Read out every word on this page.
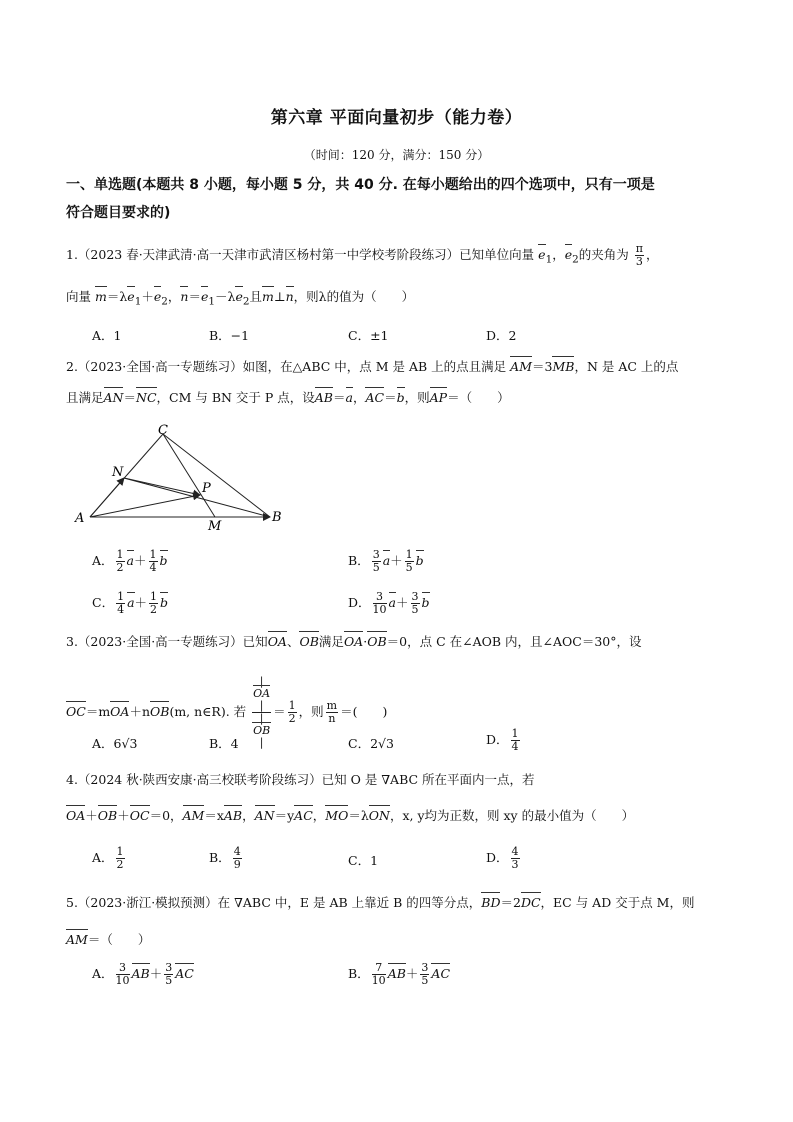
第六章 平面向量初步（能力卷）
（时间：120 分，满分：150 分）
一、单选题(本题共 8 小题，每小题 5 分，共 40 分. 在每小题给出的四个选项中，只有一项是
符合题目要求的)
1.（2023 春·天津武清·高一天津市武清区杨村第一中学校考阶段练习）已知单位向量 $e_1$，$e_2$的夹角为 $\frac{\pi}{3}$ ，
向量 $m=\lambda e_1+e_2$，$n=e_1-\lambda e_2$且m⊥n，则λ的值为（　　）
A．1	B．−1	C．±1	D．2
2.（2023·全国·高一专题练习）如图，在△ABC 中，点 M 是 AB 上的点且满足 AM＝3MB，N 是 AC 上的点
且满足AN＝NC，CM 与 BN 交于 P 点，设AB＝a，AC＝b，则AP＝（　　）
C
N
P
A
M
B
A． $\frac{1}{2} a+ \frac{1}{4}$ b	B． $\frac{3}{5} a+ \frac{1}{5}$ b
C． $\frac{1}{4} a+ \frac{1}{2}$ b	D． $\frac{3}{10} a+ \frac{3}{5}$ b
3.（2023·全国·高一专题练习）已知OA、OB满足OA·OB＝0，点 C 在∠AOB 内，且∠AOC＝30°，设
OC＝mOA＋nOB(m, n∈R). 若 |
OA
|
|
OB
| ＝ $\frac{1}{2}$ ，则 $\frac{m}{n}$ ＝(　　)
A．6√3	B．4	C．2√3	D． $\frac{1}{4}$
4.（2024 秋·陕西安康·高三校联考阶段练习）已知 O 是 ∇ABC 所在平面内一点，若
OA＋OB＋OC＝0，AM＝xAB，AN＝yAC，MO＝λON，x, y均为正数，则 xy 的最小值为（　　）
A． $\frac{1}{2}$	B． $\frac{4}{9}$	C．1	D． $\frac{4}{3}$
5.（2023·浙江·模拟预测）在 ∇ABC 中，E 是 AB 上靠近 B 的四等分点，BD＝2DC，EC 与 AD 交于点 M，则
AM＝（　　）
A． $\frac{3}{10} AB+ \frac{3}{5}$ AC	B． $\frac{7}{10} AB+ \frac{3}{5}$ AC
